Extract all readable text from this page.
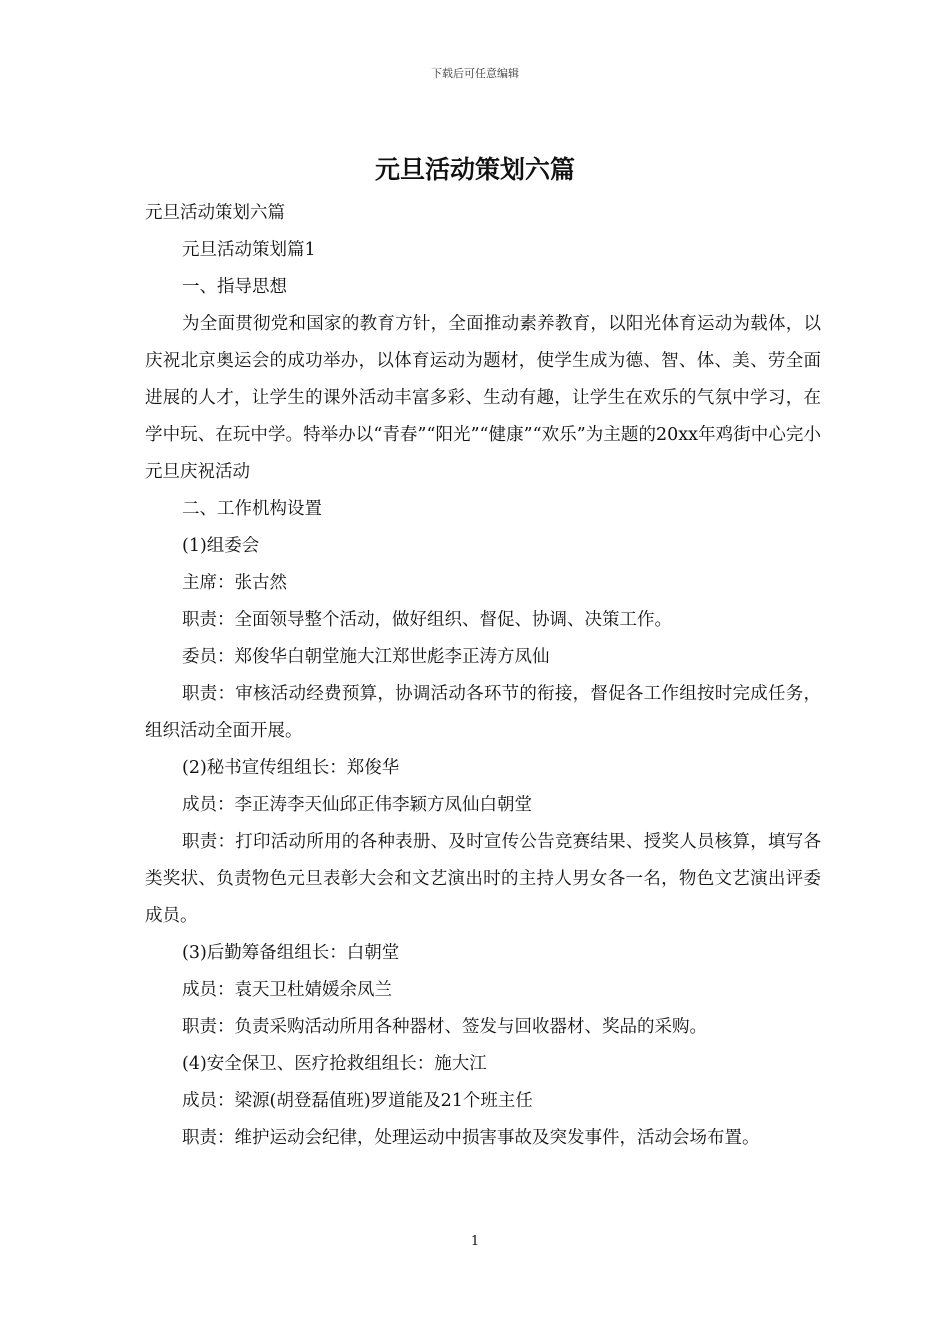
下载后可任意编辑
元旦活动策划六篇

元旦活动策划六篇

元旦活动策划篇1

一、指导思想

为全面贯彻党和国家的教育方针，全面推动素养教育，以阳光体育运动为载体，以庆祝北京奥运会的成功举办，以体育运动为题材，使学生成为德、智、体、美、劳全面进展的人才，让学生的课外活动丰富多彩、生动有趣，让学生在欢乐的气氛中学习，在学中玩、在玩中学。特举办以“青春”“阳光”“健康”“欢乐”为主题的20xx年鸡街中心完小元旦庆祝活动

二、工作机构设置

(1)组委会

主席：张古然

职责：全面领导整个活动，做好组织、督促、协调、决策工作。

委员：郑俊华白朝堂施大江郑世彪李正涛方凤仙

职责：审核活动经费预算，协调活动各环节的衔接，督促各工作组按时完成任务，组织活动全面开展。

(2)秘书宣传组组长：郑俊华

成员：李正涛李天仙邱正伟李颖方凤仙白朝堂

职责：打印活动所用的各种表册、及时宣传公告竞赛结果、授奖人员核算，填写各类奖状、负责物色元旦表彰大会和文艺演出时的主持人男女各一名，物色文艺演出评委成员。

(3)后勤筹备组组长：白朝堂

成员：袁天卫杜婧媛余凤兰

职责：负责采购活动所用各种器材、签发与回收器材、奖品的采购。

(4)安全保卫、医疗抢救组组长：施大江

成员：梁源(胡登磊值班)罗道能及21个班主任

职责：维护运动会纪律，处理运动中损害事故及突发事件，活动会场布置。

1
